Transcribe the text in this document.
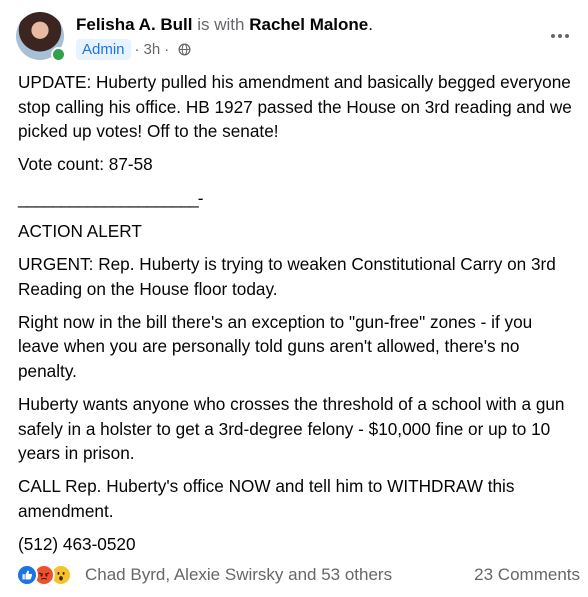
Felisha A. Bull is with Rachel Malone.
Admin · 3h ·

UPDATE: Huberty pulled his amendment and basically begged everyone stop calling his office. HB 1927 passed the House on 3rd reading and we picked up votes! Off to the senate!

Vote count: 87-58

_____________________-

ACTION ALERT

URGENT: Rep. Huberty is trying to weaken Constitutional Carry on 3rd Reading on the House floor today.

Right now in the bill there's an exception to "gun-free" zones - if you leave when you are personally told guns aren't allowed, there's no penalty.

Huberty wants anyone who crosses the threshold of a school with a gun safely in a holster to get a 3rd-degree felony - $10,000 fine or up to 10 years in prison.

CALL Rep. Huberty's office NOW and tell him to WITHDRAW this amendment.

(512) 463-0520

Chad Byrd, Alexie Swirsky and 53 others	23 Comments
